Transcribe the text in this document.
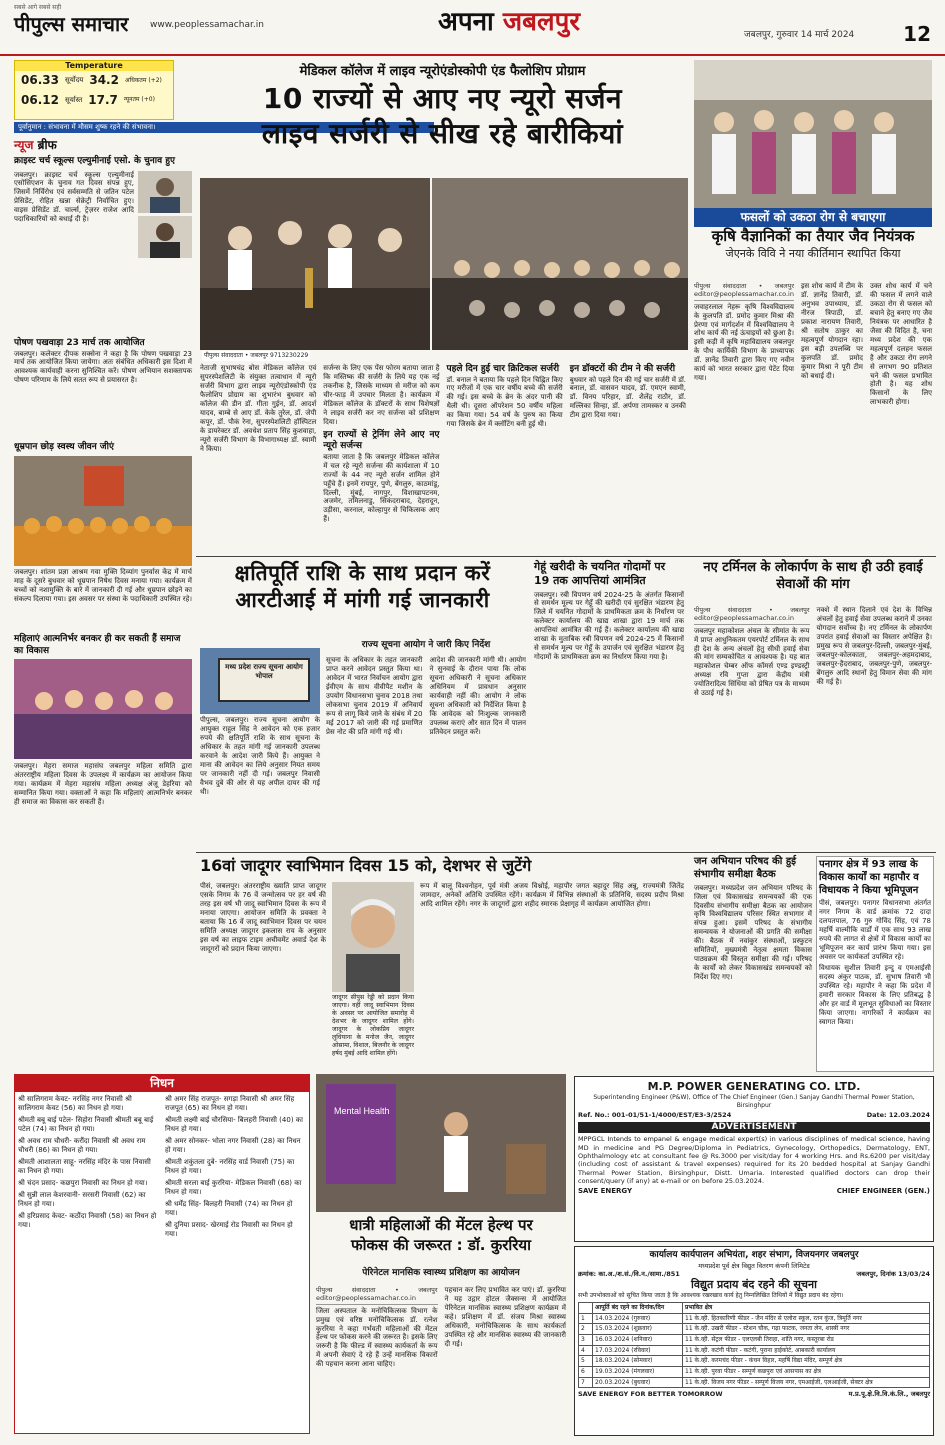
सबसे आगे सबसे सही
पीपुल्स समाचार www.peoplessamachar.in	अपना जबलपुर	जबलपुर, गुरुवार 14 मार्च 2024 12
Temperature
06.33 सूर्योदय 34.2 अधिकतम (+2)
06.12 सूर्यास्त 17.7 न्यूनतम (+0)
पूर्वानुमान : संभावना में मौसम शुष्क रहने की संभावना।
न्यूज ब्रीफ
क्राइस्ट चर्च स्कूल्स एल्युमीनाई एसो. के चुनाव हुए
जबलपुर। क्राइस्ट चर्च स्कूल्स एल्युमीनाई एसोसिएशन के चुनाव गत दिवस संपन्न हुए, जिसमें निर्विरोध एवं सर्वसम्मति से जतिन पटेल प्रेसिडेंट, रोहित खन्ना सेक्रेट्री निर्वाचित हुए। वाइस प्रेसिडेंट डॉ. चार्ल्स, ट्रेज़रर राजेश आदि पदाधिकारियों को बधाई दी है।
पोषण पखवाड़ा 23 मार्च तक आयोजित
जबलपुर। कलेक्टर दीपक सक्सेना ने कहा है कि पोषण पखवाड़ा 23 मार्च तक आयोजित किया जायेगा। अतः संबंधित अधिकारी इस दिशा में आवश्यक कार्यवाही करना सुनिश्चित करें। पोषण अभियान सशक्तापक पोषण परिणाम के लिये सतत रूप से प्रयासरत है।
धूम्रपान छोड़ स्वस्थ जीवन जीएं
जबलपुर। शांतम प्रज्ञा आश्रम गवा मुक्ति दिव्यांग पुनर्वास केंद्र में मार्च माह के दूसरे बुधवार को धूम्रपान निषेध दिवस मनाया गया। कार्यक्रम में बच्चों को नशामुक्ति के बारे में जानकारी दी गई और धूम्रपान छोड़ने का संकल्प दिलाया गया। इस अवसर पर संस्था के पदाधिकारी उपस्थित रहे।
महिलाएं आत्मनिर्भर बनकर ही कर सकती हैं समाज का विकास
जबलपुर। मेहरा समाज महासंघ जबलपुर महिला समिति द्वारा अंतरराष्ट्रीय महिला दिवस के उपलक्ष्य में कार्यक्रम का आयोजन किया गया। कार्यक्रम में मेहरा महासंघ महिला अध्यक्ष अंजू डेहरिया को सम्मानित किया गया। वक्ताओं ने कहा कि महिलाएं आत्मनिर्भर बनकर ही समाज का विकास कर सकती हैं।
मेडिकल कॉलेज में लाइव न्यूरोएंडोस्कोपी एंड फैलोशिप प्रोग्राम
10 राज्यों से आए नए न्यूरो सर्जन
लाइव सर्जरी से सीख रहे बारीकियां
पीपुल्स संवाददाता • जबलपुर 9713230229
नेताजी सुभाषचंद्र बोस मेडिकल कॉलेज एवं सुपरस्पेशलिटी के संयुक्त तत्वाधान में न्यूरो सर्जरी विभाग द्वारा लाइव न्यूरोएंडोस्कोपी एंड फैलोशिप प्रोग्राम का शुभारंभ बुधवार को कॉलेज की डीन डॉ. गीता गुईन, डॉ. आदर्श यादव, बाम्बे से आए डॉ. केके तुरेल, डॉ. जेपी कपूर, डॉ. पौकं रेना, सुपरस्पेशलिटी हॉस्पिटल के डायरेक्टर डॉ. अवधेश प्रताप सिंह कुशवाहा, न्यूरो सर्जरी विभाग के विभागाध्यक्ष डॉ. स्वामी ने किया।
सर्जन्स के लिए एक पेंस फोरम बताया जाता है कि मस्तिष्क की सर्जरी के लिये यह एक नई तकनीक है, जिसके माध्यम से मरीज को कम चीर-फाड़ में उपचार मिलता है। कार्यक्रम में मेडिकल कॉलेज के डॉक्टरों के साथ विशेषज्ञों ने लाइव सर्जरी कर नए सर्जन्स को प्रशिक्षण दिया।
इन राज्यों से ट्रेनिंग लेने आए नए न्यूरो सर्जन्स
बताया जाता है कि जबलपुर मेडिकल कॉलेज में चल रहे न्यूरो सर्जन्स की कार्यशाला में 10 राज्यों के 44 नए न्यूरो सर्जन शामिल होने पहुँचे हैं। इनमें रायपुर, पुणे, बेंगलुरु, काठमांडू, दिल्ली, मुंबई, नागपुर, विशाखापटनम, अजमेर, तमिलनाडु, सिकंदराबाद, देहरादून, उड़ीसा, करनाल, कोल्हापुर से चिकित्सक आए हैं।
पहले दिन हुई चार क्रिटिकल सर्जरी
डॉ. बनाल ने बताया कि पहले दिन चिह्नित किए गए मरीजों में एक चार वर्षीय बच्चे की सर्जरी की गई। इस बच्चे के ब्रेन के अंदर पानी की थैली थी। दूसरा ऑपरेशन 50 वर्षीय महिला का किया गया। 54 वर्ष के पुरुष का किया गया जिसके ब्रेन में क्लॉटिंग बनी हुई थी।
इन डॉक्टरों की टीम ने की सर्जरी
बुधवार को पहले दिन की गई चार सर्जरी में डॉ. बनाल, डॉ. वासवन यादव, डॉ. एमएन स्वामी, डॉ. विनय परिहार, डॉ. शैलेंद्र राठौर, डॉ. मल्लिका सिन्हा, डॉ. अर्पणा तामस्कर व उनकी टीम द्वारा दिया गया।
फसलों को उकठा रोग से बचाएगा
कृषि वैज्ञानिकों का तैयार जैव नियंत्रक
जेएनके विवि ने नया कीर्तिमान स्थापित किया
पीपुल्स संवाददाता • जबलपुर editor@peoplessamachar.co.in
जवाहरलाल नेहरू कृषि विश्वविद्यालय के कुलपति डॉ. प्रमोद कुमार मिश्रा की प्रेरणा एवं मार्गदर्शन में विश्वविद्यालय ने शोध कार्य की नई ऊंचाइयों को छुआ है। इसी कड़ी में कृषि महाविद्यालय जबलपुर के पौध कार्यिकी विभाग के प्राध्यापक डॉ. ज्ञानेंद्र तिवारी द्वारा किए गए नवीन कार्य को भारत सरकार द्वारा पेटेंट दिया गया।
इस शोध कार्य में टीम के डॉ. ज्ञानेंद्र तिवारी, डॉ. अनुभव उपाध्याय, डॉ. नीरज त्रिपाठी, डॉ. प्रकाश नारायण तिवारी, श्री सतोष ठाकुर का महत्वपूर्ण योगदान रहा। इस बड़ी उपलब्धि पर कुलपति डॉ. प्रमोद कुमार मिश्रा ने पूरी टीम को बधाई दी।
उक्त शोध कार्य में चने की फसल में लगने वाले उकठा रोग से फसल को बचाने हेतु बनाए गए जैव नियंत्रक पर आधारित है जैसा की विदित है, चना मध्य प्रदेश की एक महत्वपूर्ण दलहन फसल है और उकठा रोग लगने से लगभग 90 प्रतिशत चने की फसल प्रभावित होती है। यह शोध किसानों के लिए लाभकारी होगा।
क्षतिपूर्ति राशि के साथ प्रदान करें
आरटीआई में मांगी गई जानकारी
राज्य सूचना आयोग ने जारी किए निर्देश
मध्य प्रदेश राज्य सूचना आयोग भोपाल
पीपुल्स, जबलपुर। राज्य सूचना आयोग के आयुक्त राहुल सिंह ने आवेदन को एक हजार रुपये की क्षतिपूर्ति राशि के साथ सूचना के अधिकार के तहत मांगी गई जानकारी उपलब्ध करवाने के आदेश जारी किये हैं। आयुक्त ने माना की आवेदन का लिये अनुसार नियत समय पर जानकारी नहीं दी गई। जबलपुर निवासी वैभव दुबे की ओर से यह अपील दायर की गई थी।
सूचना के अधिकार के तहत जानकारी प्राप्त करने आवेदन प्रस्तुत किया था। आवेदन में भारत निर्वाचन आयोग द्वारा ईवीएम के साथ वीवीपैट मशीन के उपयोग विधानसभा चुनाव 2018 तथा लोकसभा चुनाव 2019 में अनिवार्य रूप से लागू किये जाने के संबंध में 20 मई 2017 को जारी की गई प्रमाणित प्रेस नोट की प्रति मांगी गई थी।
आदेश की जानकारी मांगी थी। आयोग ने सुनवाई के दौरान पाया कि लोक सूचना अधिकारी ने सूचना अधिकार अधिनियम में प्रावधान अनुसार कार्यवाही नहीं की। आयोग ने लोक सूचना अधिकारी को निर्देशित किया है कि आवेदक को निःशुल्क जानकारी उपलब्ध कराएं और सात दिन में पालन प्रतिवेदन प्रस्तुत करें।
गेहूं खरीदी के चयनित गोदामों पर 19 तक आपत्तियां आमंत्रित
जबलपुर। रबी विपणन वर्ष 2024-25 के अंतर्गत किसानों से समर्थन मूल्य पर गेहूँ की खरीदी एवं सुरक्षित भंडारण हेतु जिले में चयनित गोदामों के प्राथमिकता क्रम के निर्धारण पर कलेक्टर कार्यालय की खाद्य शाखा द्वारा 19 मार्च तक आपत्तियां आमंत्रित की गई हैं। कलेक्टर कार्यालय की खाद्य शाखा के मुताबिक रबी विपणन वर्ष 2024-25 में किसानों से समर्थन मूल्य पर गेहूँ के उपार्जन एवं सुरक्षित भंडारण हेतु गोदामों के प्राथमिकता क्रम का निर्धारण किया गया है।
नए टर्मिनल के लोकार्पण के साथ ही उठी हवाई सेवाओं की मांग
पीपुल्स संवाददाता • जबलपुर editor@peoplessamachar.co.in
जबलपुर महाकोशल अंचल के सीमांत के रूप में प्राप्त आधुनिकतम एयरपोर्ट टर्मिनल के साथ ही देश के अन्य अंचलों हेतु सीधी हवाई सेवा की मांग सम्यकोचित व आवश्यक है। यह बात महाकोशल चेम्बर ऑफ कॉमर्स एण्ड इण्डस्ट्री अध्यक्ष रवि गुप्ता द्वारा केंद्रीय मंत्री ज्योतिरादित्य सिंधिया को प्रेषित पत्र के माध्यम से उठाई गई है।
नक्शे में स्थान दिलाने एवं देश के विभिन्न अंचलों हेतु हवाई सेवा उपलब्ध कराने में उनका योगदान सर्वोच्च है। नए टर्मिनल के लोकार्पण उपरांत हवाई सेवाओं का विस्तार अपेक्षित है। प्रमुख रूप से जबलपुर-दिल्ली, जबलपुर-मुंबई, जबलपुर-कोलकाता, जबलपुर-अहमदाबाद, जबलपुर-हैदराबाद, जबलपुर-पुणे, जबलपुर-बेंगलुरु आदि स्थानों हेतु विमान सेवा की मांग की गई है।
16वां जादूगर स्वाभिमान दिवस 15 को, देशभर से जुटेंगे
पीसं, जबलपुर। अंतरराष्ट्रीय ख्याति प्राप्त जादूगर एसके निगम के 76 वें जन्मोत्सव पर हर वर्ष की तरह इस वर्ष भी जादू स्वाभिमान दिवस के रूप में मनाया जाएगा। आयोजन समिति के प्रवक्ता ने बताया कि 16 वें जादू स्वाभिमान दिवस पर चयन समिति अध्यक्ष जादूगर इकलास राय के अनुसार इस वर्ष का लाइफ टाइम अचीवमेंट अवार्ड देश के जादूगरों को प्रदान किया जाएगा।
जादूगर सीपुस रेड्डी को प्रदान किया जाएगा। वहीं जादू स्वाभिमान दिवस के अवसर पर आयोजित समारोह में देशभर के जादूगर शामिल होंगे। जादूगर के लोकप्रिय जादूगर लुधियाना के मनोज जैन, जादूगर ओसामा, विशाल, बिजनौर के जादूगर हर्षद मुंबई आदि शामिल होंगे।
रूप में बालू विश्वनोहन, पूर्व मंत्री अजय विश्नोई, महापौर जगत बहादुर सिंह अन्नू, राज्यमंत्री जितेंद्र जामदार, अनेकों अतिथि उपस्थित रहेंगे। कार्यक्रम में विभिन्न संस्थाओं के प्रतिनिधि, सदस्य प्रदीप मिश्रा आदि शामिल रहेंगे। नगर के जादूगरों द्वारा शहीद स्मारक प्रेक्षागृह में कार्यक्रम आयोजित होगा।
जन अभियान परिषद की हुई संभागीय समीक्षा बैठक
जबलपुर। मध्यप्रदेश जन अभियान परिषद के जिला एवं विकासखंड समन्वयकों की एक दिवसीय संभागीय समीक्षा बैठक का आयोजन कृषि विश्वविद्यालय परिसर स्थित सभागार में संपन्न हुआ। इसमें परिषद के संभागीय समन्वयक ने योजनाओं की प्रगति की समीक्षा की। बैठक में नवांकुर संस्थाओं, प्रस्फुटन समितियों, मुख्यमंत्री नेतृत्व क्षमता विकास पाठ्यक्रम की विस्तृत समीक्षा की गई। परिषद के कार्यों को लेकर विकासखंड समन्वयकों को निर्देश दिए गए।
पनागर क्षेत्र में 93 लाख के विकास कार्यों का महापौर व विधायक ने किया भूमिपूजन
पीसं, जबलपुर। पनागर विधानसभा अंतर्गत नगर निगम के वार्ड क्रमांक 72 दादा दलपतपाल, 76 गुरु गोविंद सिंह, एवं 78 महर्षि वाल्मीकि वार्डों में एक साथ 93 लाख रुपये की लागत से क्षेत्रों में विकास कार्यों का भूमिपूजन कर कार्य प्रारंभ किया गया। इस अवसर पर कार्यकर्ता उपस्थित रहे।
विधायक सुशील तिवारी इन्दु व एमआईसी सदस्य अंकुर पाठक, डॉ. सुभाष तिवारी भी उपस्थित रहे। महापौर ने कहा कि प्रदेश में हमारी सरकार विकास के लिए प्रतिबद्ध है और हर वार्ड में मूलभूत सुविधाओं का विस्तार किया जाएगा। नागरिकों ने कार्यक्रम का स्वागत किया।
Mental Health
धात्री महिलाओं की मेंटल हेल्थ पर
फोकस की जरूरत : डॉ. कुररिया
पेरिनेटल मानसिक स्वास्थ्य प्रशिक्षण का आयोजन
पीपुल्स संवाददाता • जबलपुर editor@peoplessamachar.co.in
जिला अस्पताल के मनोचिकित्सक विभाग के प्रमुख एवं वरिष्ठ मनोचिकित्सक डॉ. रत्नेश कुररिया ने कहा गर्भवती महिलाओं की मेंटल हेल्थ पर फोकस करने की जरूरत है। इसके लिए जरूरी है कि फील्ड में स्वास्थ्य कार्यकर्ता के रूप में अपनी सेवाएं दे रहे हैं उन्हें मानसिक विकारों की पहचान करना आना चाहिए।
पहचान कर लिए प्रभावित कर पाएं। डॉ. कुररिया ने यह उद्गार होटल जैक्सन्स में आयोजित पेरिनेटल मानसिक स्वास्थ्य प्रशिक्षण कार्यक्रम में कहे। प्रशिक्षण में डॉ. संजय मिश्रा स्वास्थ्य अधिकारी, मनोचिकित्सक के साथ कार्यकर्ता उपस्थित रहे और मानसिक स्वास्थ्य की जानकारी दी गई।
निधन
श्री सालिगराम केवट- नरसिंह नगर निवासी श्री सालिगराम केवट (56) का निधन हो गया।
श्रीमती बबू बाई पटेल- सिहोरा निवासी श्रीमती बबू बाई पटेल (74) का निधन हो गया।
श्री अवध राम चौधरी- करौंदा निवासी श्री अवध राम चौधरी (86) का निधन हो गया।
श्रीमती आशालता साहू- नरसिंह मंदिर के पास निवासी का निधन हो गया।
श्री चंदन प्रसाद- कछपुरा निवासी का निधन हो गया।
श्री सुन्नी लाल केशरवानी- सरसरी निवासी (62) का निधन हो गया।
श्री हरिप्रसाद केवट- कठौंदा निवासी (58) का निधन हो गया।
श्री अमर सिंह राजपूत- सगड़ा निवासी श्री अमर सिंह राजपूत (65) का निधन हो गया।
श्रीमती लक्ष्मी बाई चौरसिया- बिलहरी निवासी (40) का निधन हो गया।
श्री अमर सोनकर- भोला नगर निवासी (28) का निधन हो गया।
श्रीमती शकुंतला दुबे- नरसिंह वार्ड निवासी (75) का निधन हो गया।
श्रीमती सरला बाई कुररिया- मेडिकल निवासी (68) का निधन हो गया।
श्री धर्मेंद्र सिंह- बिलहरी निवासी (74) का निधन हो गया।
श्री दुनिया प्रसाद- खेरमाई रोड निवासी का निधन हो गया।
M.P. POWER GENERATING CO. LTD.
Superintending Engineer (P&W), Office of The Chief Engineer (Gen.) Sanjay Gandhi Thermal Power Station, Birsinghpur
Ref. No.: 001-01/51-1/4000/EST/E3-3/2524	Date: 12.03.2024
ADVERTISEMENT
MPPGCL Intends to empanel & engage medical expert(s) in various disciplines of medical science, having MD in medicine and PG Degree/Diploma in Pediatrics, Gynecology, Orthopedics, Dermatology, ENT, Ophthalmology etc at consultant fee @ Rs.3000 per visit/day for 4 working Hrs. and Rs.6200 per visit/day (including cost of assistant & travel expenses) required for its 20 bedded hospital at Sanjay Gandhi Thermal Power Station, Birsinghpur, Distt. Umaria. Interested qualified doctors can drop their consent/query (if any) at e-mail or on before 25.03.2024.
SAVE ENERGY	CHIEF ENGINEER (GEN.)
कार्यालय कार्यपालन अभियंता, शहर संभाग, विजयनगर जबलपुर
मध्यप्रदेश पूर्व क्षेत्र विद्युत वितरण कंपनी लिमिटेड
क्रमांक: का.अ./श.सं./वि.न./सामा./851	जबलपुर, दिनांक 13/03/24
विद्युत प्रदाय बंद रहने की सूचना
सभी उपभोक्ताओं को सूचित किया जाता है कि आवश्यक रखरखाव कार्य हेतु निम्नलिखित तिथियों में विद्युत प्रदाय बंद रहेगा।
	आपूर्ति बंद रहने का दिनांक/दिन	प्रभावित क्षेत्र
1	14.03.2024 (गुरुवार)	11 के.व्ही. हितकारिणी फीडर - जैन मंदिर से एलोरा स्कूल, रतन कुंज, त्रिमूर्ति नगर
2	15.03.2024 (शुक्रवार)	11 के.व्ही. उखरी फीडर - स्टेशन चौक, गढ़ा फाटक, जनता लेन, शास्त्री नगर
3	16.03.2024 (शनिवार)	11 के.व्ही. सेंट्रल फीडर - एलएलबी तिराहा, शांति नगर, कस्तूरबा रोड
4	17.03.2024 (रविवार)	11 के.व्ही. कटंगी फीडर - कटंगी, पुराना हाईकोर्ट, आबकारी कार्यालय
5	18.03.2024 (सोमवार)	11 के.व्ही. करमचंद फीडर - कंचन विहार, महर्षि विद्या मंदिर, सम्पूर्ण क्षेत्र
6	19.03.2024 (मंगलवार)	11 के.व्ही. पुरवा फीडर - सम्पूर्ण कछपुरा एवं आसपास का क्षेत्र
7	20.03.2024 (बुधवार)	11 के.व्ही. विजय नगर फीडर - सम्पूर्ण विजय नगर, एमआईजी, एलआईजी, सेक्टर क्षेत्र
SAVE ENERGY FOR BETTER TOMORROW	म.प्र.पू.क्षे.वि.वि.कं.लि., जबलपुर
